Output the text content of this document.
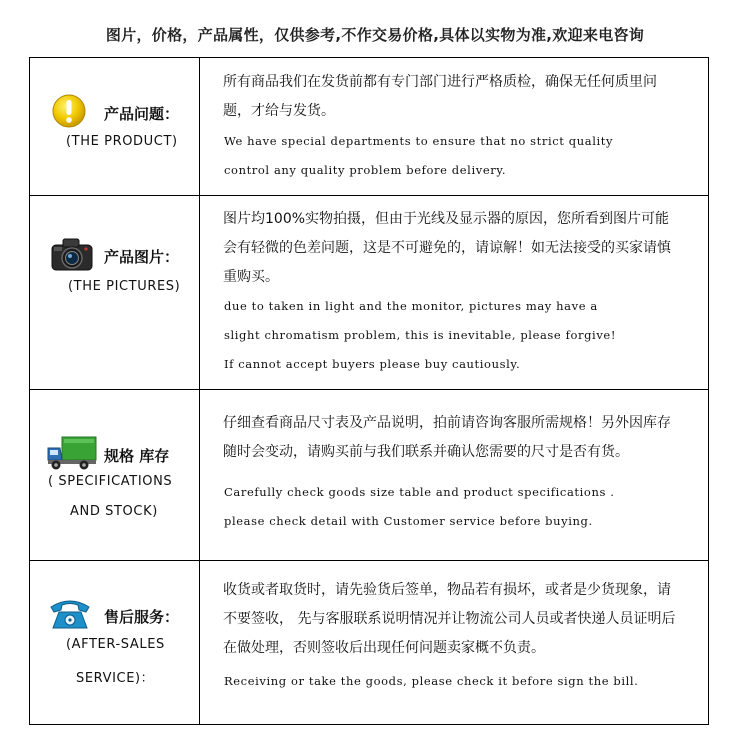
图片，价格，产品属性，仅供参考,不作交易价格,具体以实物为准,欢迎来电咨询
产品问题：
(THE PRODUCT)
所有商品我们在发货前都有专门部门进行严格质检，确保无任何质里问题，才给与发货。
We have special departments to ensure that no strict quality
control any quality problem before delivery.
产品图片：
(THE PICTURES)
图片均100%实物拍摄，但由于光线及显示器的原因，您所看到图片可能会有轻微的色差问题，这是不可避免的，请谅解！如无法接受的买家请慎重购买。
due to taken in light and the monitor, pictures may have a
slight chromatism problem, this is inevitable, please forgive!
If cannot accept buyers please buy cautiously.
规格 库存
( SPECIFICATIONS
AND STOCK)
仔细查看商品尺寸表及产品说明，拍前请咨询客服所需规格！另外因库存随时会变动，请购买前与我们联系并确认您需要的尺寸是否有货。
Carefully check goods size table and product specifications .
please check detail with Customer service before buying.
售后服务：
(AFTER-SALES
SERVICE)：
收货或者取货时，请先验货后签单，物品若有损坏，或者是少货现象，请不要签收， 先与客服联系说明情况并让物流公司人员或者快递人员证明后在做处理，否则签收后出现任何问题卖家概不负责。
Receiving or take the goods, please check it before sign the bill.
